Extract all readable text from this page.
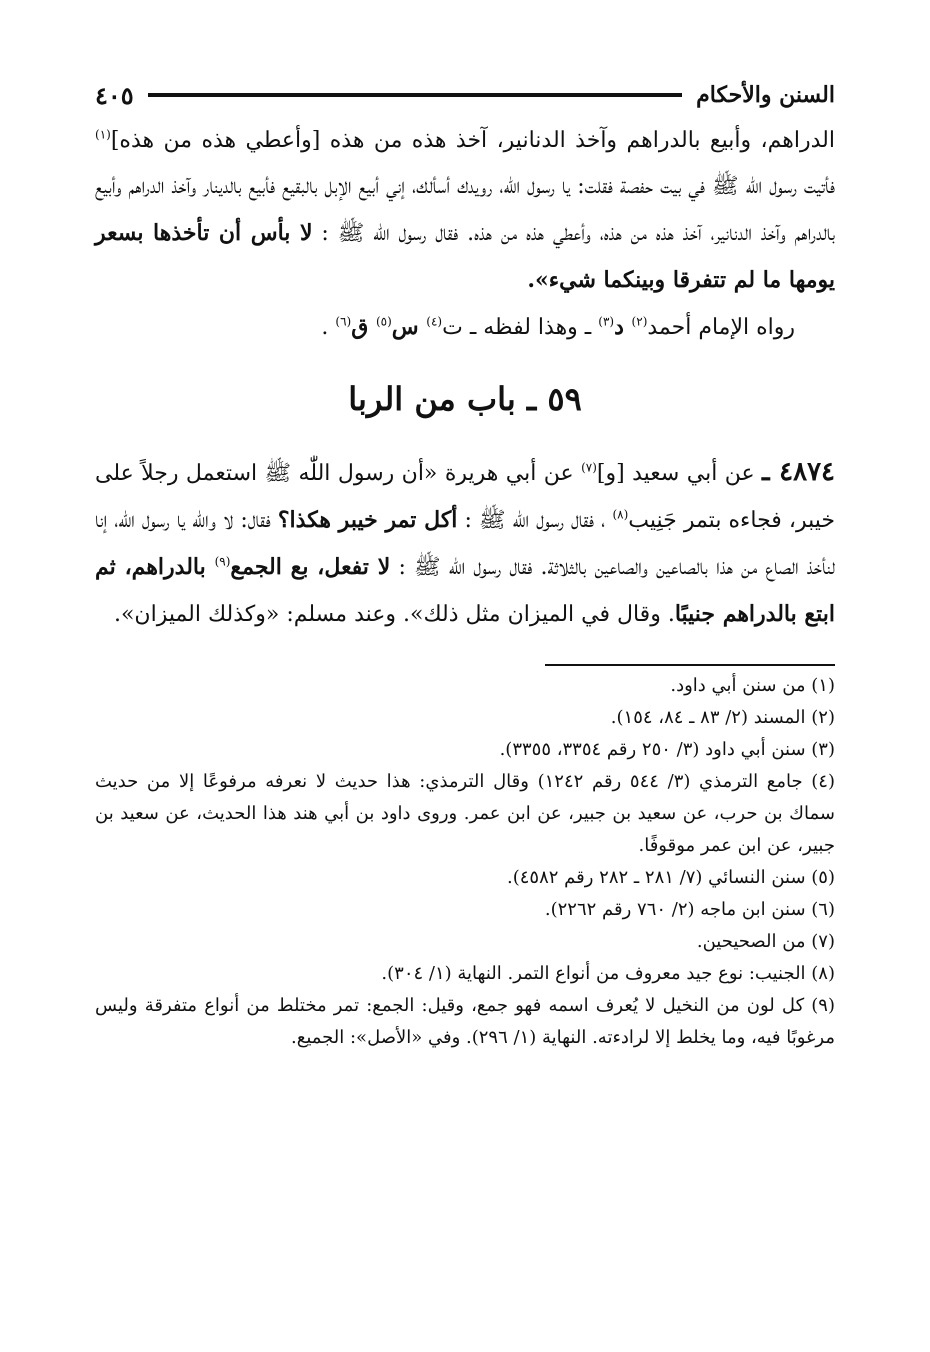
السنن والأحكام
٤٠٥

الدراهم، وأبيع بالدراهم وآخذ الدنانير، آخذ هذه من هذه [وأعطي هذه من هذه]$^{(١)}$ فأتيت رسول اللّٰه ﷺ في بيت حفصة فقلت: يا رسول اللّٰه، رويدك أسألك، إني أبيع الإبل بالبقيع فأبيع بالدينار وآخذ الدراهم وأبيع بالدراهم وآخذ الدنانير، آخذ هذه من هذه، وأعطي هذه من هذه. فقال رسول اللّٰه ﷺ : لا بأس أن تأخذها بسعر يومها ما لم تتفرقا وبينكما شيء».

رواه الإمام أحمد$^{(٢)}$ د$^{(٣)}$ ـ وهذا لفظه ـ ت$^{(٤)}$ س$^{(٥)}$ ق$^{(٦)}$ .

٥٩ ـ باب من الربا

٤٨٧٤ ـ عن أبي سعيد [و]$^{(٧)}$ عن أبي هريرة «أن رسول اللّٰه ﷺ استعمل رجلاً على خيبر، فجاءه بتمر جَنِيب$^{(٨)}$ ، فقال رسول اللّٰه ﷺ : أكل تمر خيبر هكذا؟ فقال: لا واللّٰه يا رسول اللّٰه، إنا لنأخذ الصاع من هذا بالصاعين والصاعين بالثلاثة. فقال رسول اللّٰه ﷺ : لا تفعل، بع الجمع$^{(٩)}$ بالدراهم، ثم ابتع بالدراهم جنيبًا. وقال في الميزان مثل ذلك». وعند مسلم: «وكذلك الميزان».

(١) من سنن أبي داود.

(٢) المسند (٢/ ٨٣ ـ ٨٤، ١٥٤).

(٣) سنن أبي داود (٣/ ٢٥٠ رقم ٣٣٥٤، ٣٣٥٥).

(٤) جامع الترمذي (٣/ ٥٤٤ رقم ١٢٤٢) وقال الترمذي: هذا حديث لا نعرفه مرفوعًا إلا من حديث سماك بن حرب، عن سعيد بن جبير، عن ابن عمر. وروى داود بن أبي هند هذا الحديث، عن سعيد بن جبير، عن ابن عمر موقوفًا.

(٥) سنن النسائي (٧/ ٢٨١ ـ ٢٨٢ رقم ٤٥٨٢).

(٦) سنن ابن ماجه (٢/ ٧٦٠ رقم ٢٢٦٢).

(٧) من الصحيحين.

(٨) الجنيب: نوع جيد معروف من أنواع التمر. النهاية (١/ ٣٠٤).

(٩) كل لون من النخيل لا يُعرف اسمه فهو جمع، وقيل: الجمع: تمر مختلط من أنواع متفرقة وليس مرغوبًا فيه، وما يخلط إلا لرادءته. النهاية (١/ ٢٩٦). وفي «الأصل»: الجميع.
